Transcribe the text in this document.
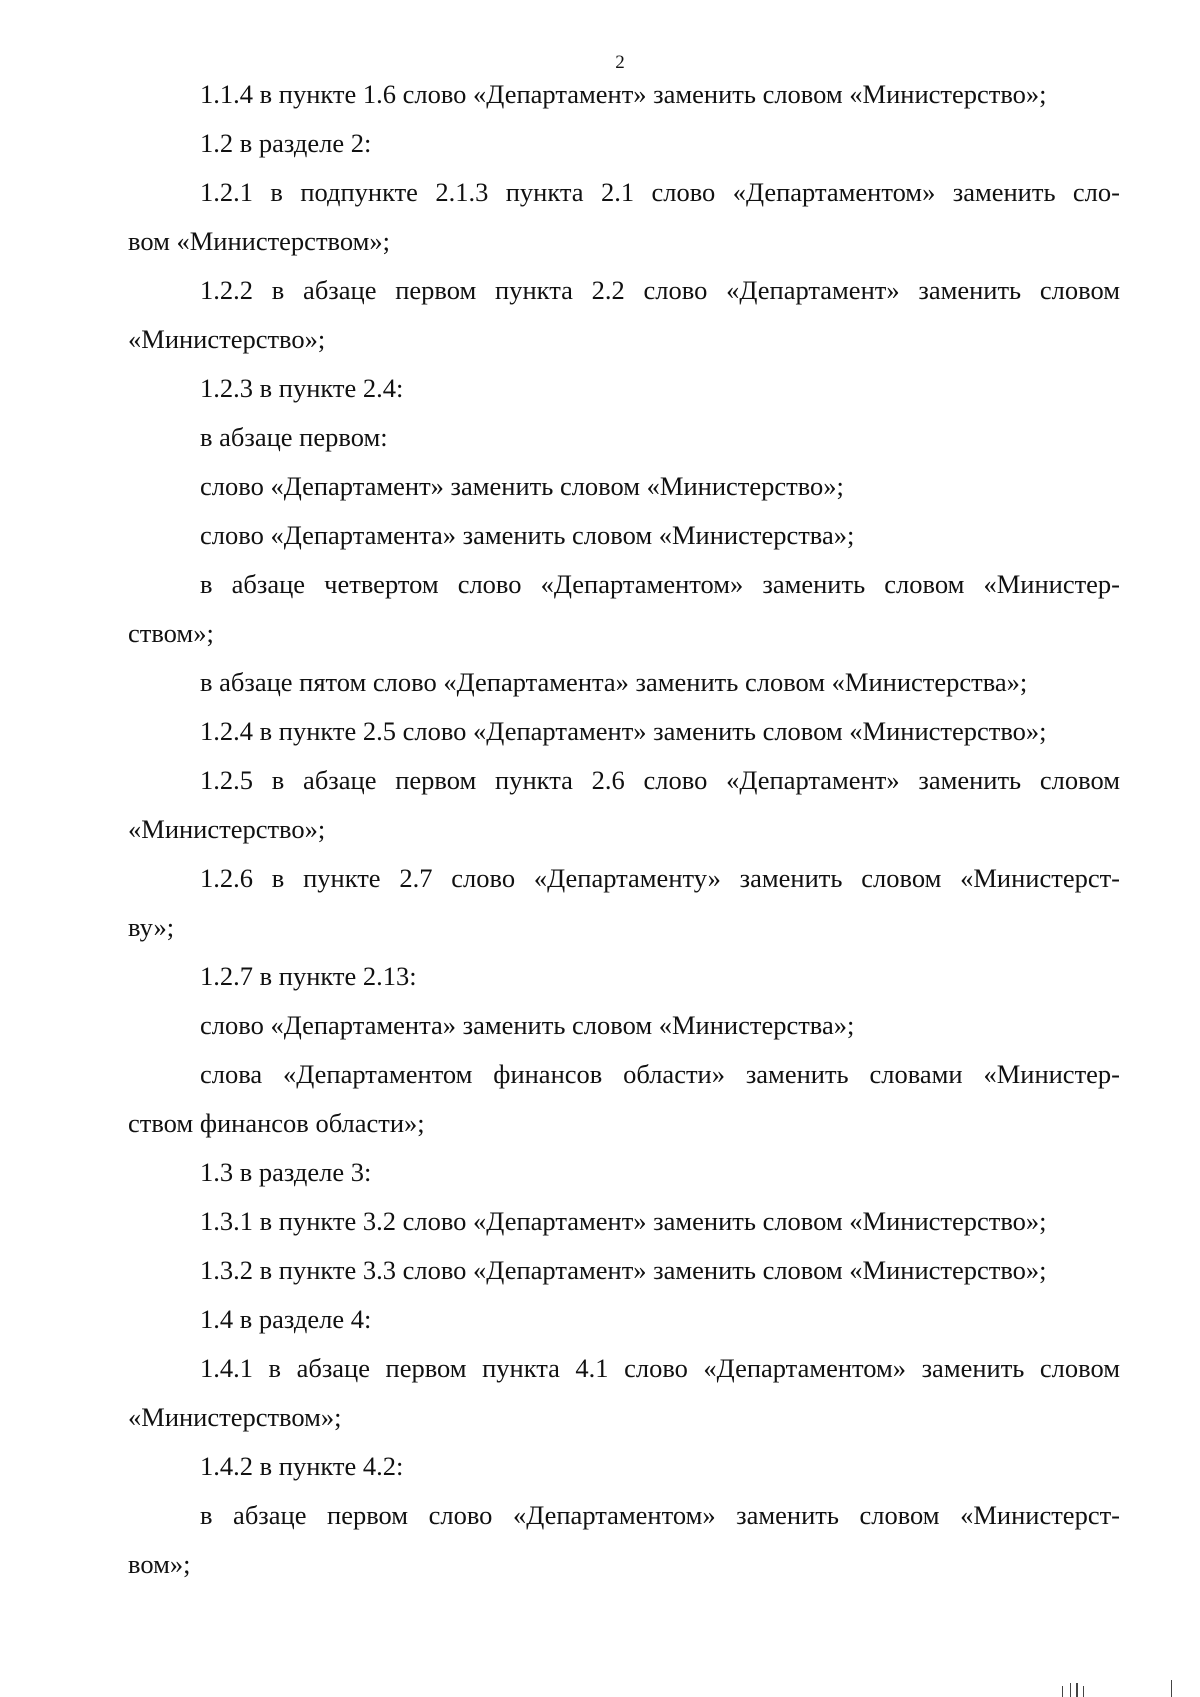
2

1.1.4 в пункте 1.6 слово «Департамент» заменить словом «Министерство»;

1.2 в разделе 2:

1.2.1 в подпункте 2.1.3 пункта 2.1 слово «Департаментом» заменить сло-

вом «Министерством»;

1.2.2 в абзаце первом пункта 2.2 слово «Департамент» заменить словом

«Министерство»;

1.2.3 в пункте 2.4:

в абзаце первом:

слово «Департамент» заменить словом «Министерство»;

слово «Департамента» заменить словом «Министерства»;

в абзаце четвертом слово «Департаментом» заменить словом «Министер-

ством»;

в абзаце пятом слово «Департамента» заменить словом «Министерства»;

1.2.4 в пункте 2.5 слово «Департамент» заменить словом «Министерство»;

1.2.5 в абзаце первом пункта 2.6 слово «Департамент» заменить словом

«Министерство»;

1.2.6 в пункте 2.7 слово «Департаменту» заменить словом «Министерст-

ву»;

1.2.7 в пункте 2.13:

слово «Департамента» заменить словом «Министерства»;

слова «Департаментом финансов области» заменить словами «Министер-

ством финансов области»;

1.3 в разделе 3:

1.3.1 в пункте 3.2 слово «Департамент» заменить словом «Министерство»;

1.3.2 в пункте 3.3 слово «Департамент» заменить словом «Министерство»;

1.4 в разделе 4:

1.4.1 в абзаце первом пункта 4.1 слово «Департаментом» заменить словом

«Министерством»;

1.4.2 в пункте 4.2:

в абзаце первом слово «Департаментом» заменить словом «Министерст-

вом»;
